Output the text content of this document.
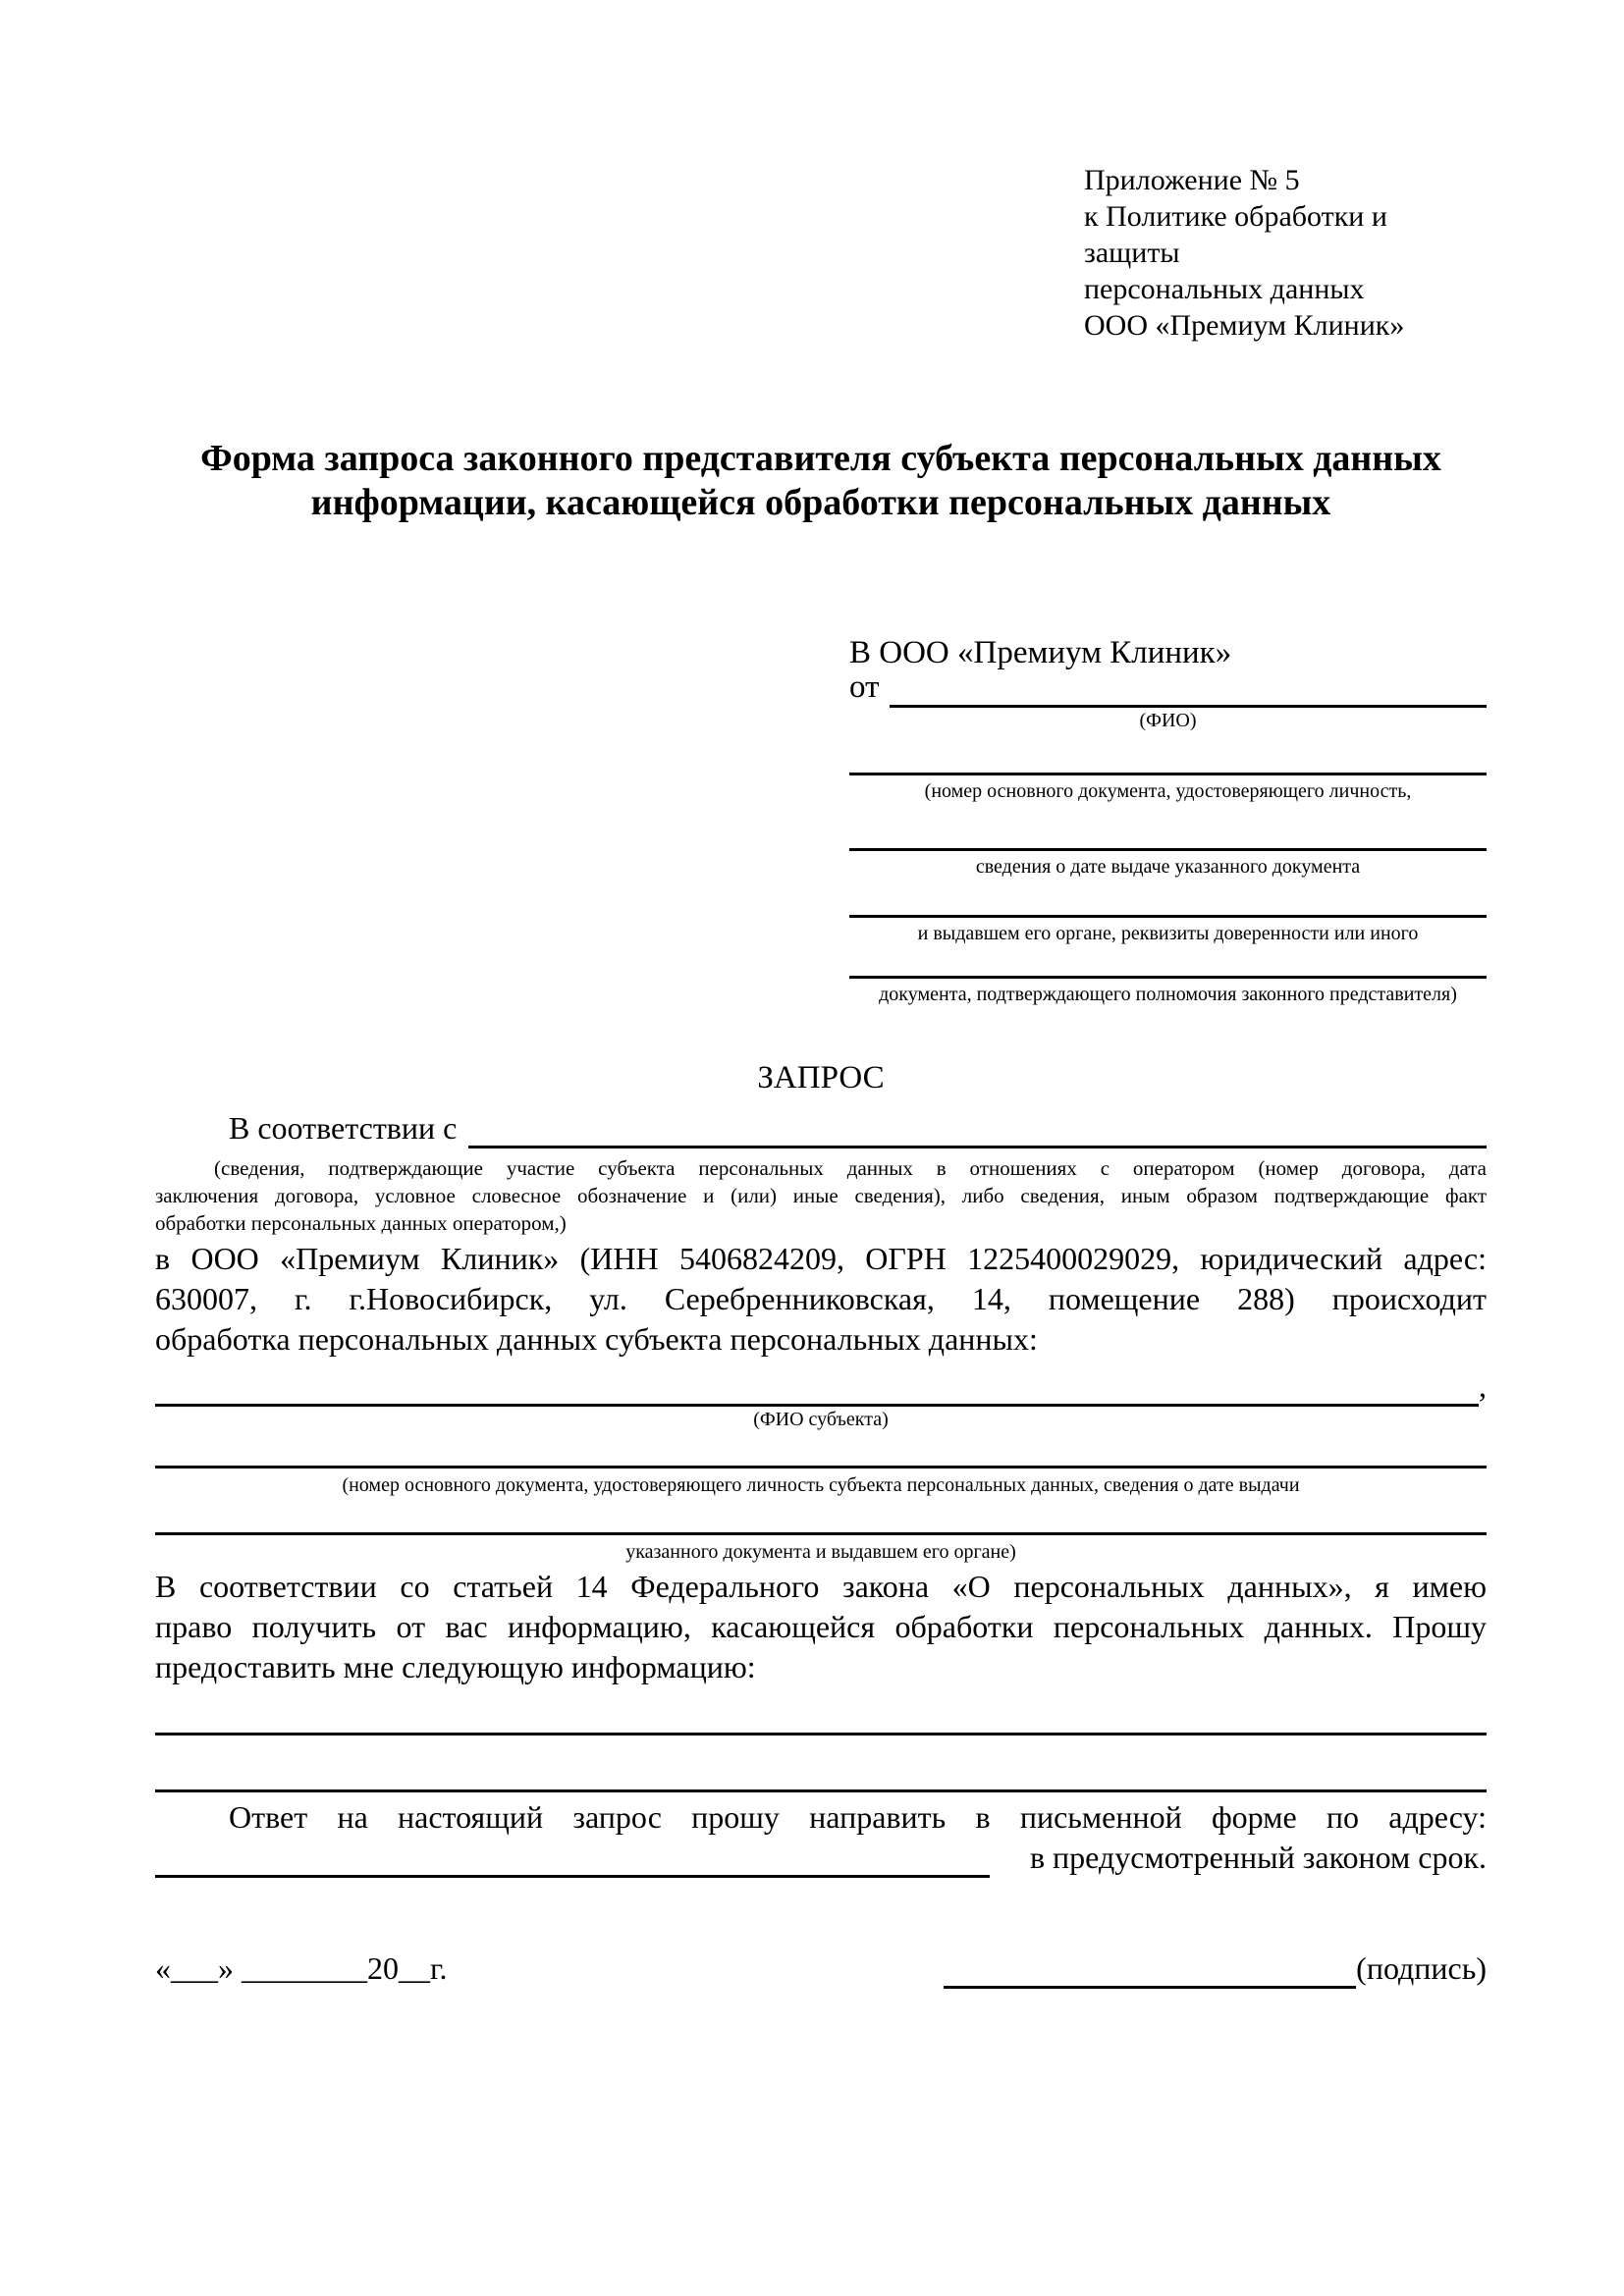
Приложение № 5
к Политике обработки и защиты
персональных данных
ООО «Премиум Клиник»
Форма запроса законного представителя субъекта персональных данных
информации, касающейся обработки персональных данных
В ООО «Премиум Клиник»
от
(ФИО)
(номер основного документа, удостоверяющего личность,
сведения о дате выдаче указанного документа
и выдавшем его органе, реквизиты доверенности или иного
документа, подтверждающего полномочия законного представителя)
ЗАПРОС
В соответствии с
(сведения, подтверждающие участие субъекта персональных данных в отношениях с оператором (номер договора, дата
заключения договора, условное словесное обозначение и (или) иные сведения), либо сведения, иным образом подтверждающие факт
обработки персональных данных оператором,)
в ООО «Премиум Клиник» (ИНН 5406824209, ОГРН 1225400029029, юридический адрес:
630007, г. г.Новосибирск, ул. Серебренниковская, 14, помещение 288) происходит
обработка персональных данных субъекта персональных данных:
,
(ФИО субъекта)
(номер основного документа, удостоверяющего личность субъекта персональных данных, сведения о дате выдачи
указанного документа и выдавшем его органе)
В соответствии со статьей 14 Федерального закона «О персональных данных», я имею
право получить от вас информацию, касающейся обработки персональных данных. Прошу
предоставить мне следующую информацию:
Ответ на настоящий запрос прошу направить в письменной форме по адресу:
в предусмотренный законом срок.
«___» ________20__г.	(подпись)
